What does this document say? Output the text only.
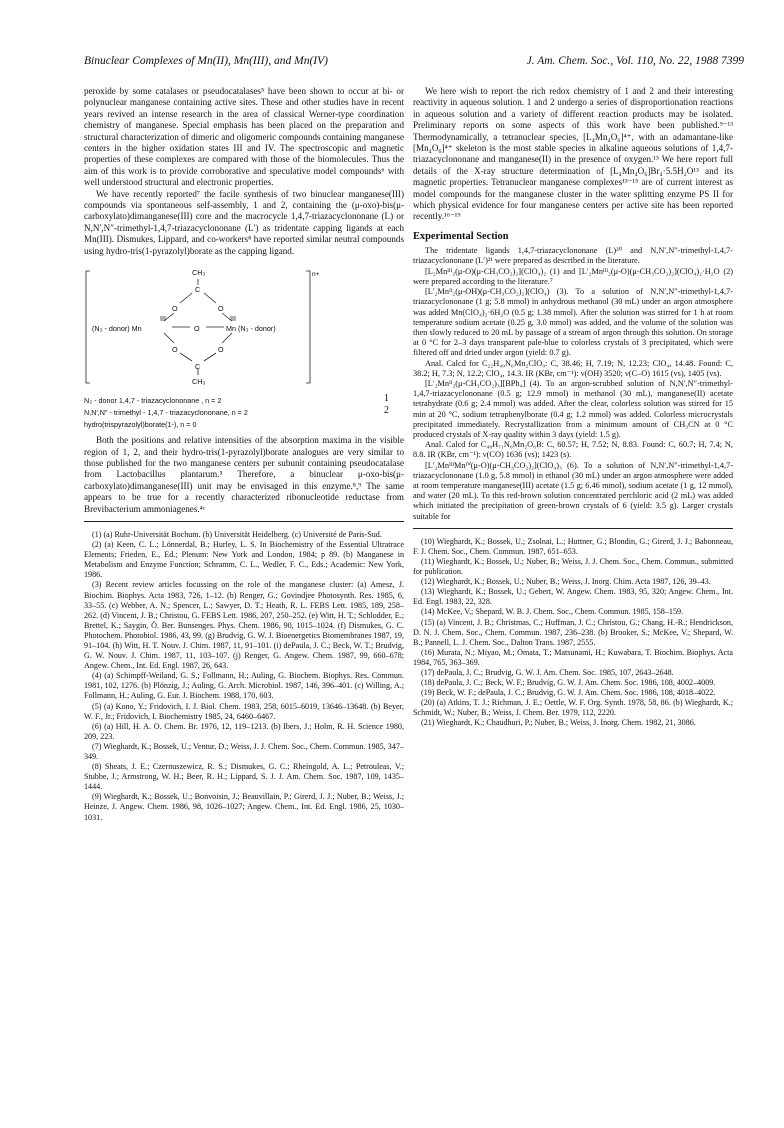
Binuclear Complexes of Mn(II), Mn(III), and Mn(IV)	J. Am. Chem. Soc., Vol. 110, No. 22, 1988 7399

peroxide by some catalases or pseudocatalases⁵ have been shown to occur at bi- or polynuclear manganese containing active sites. These and other studies have in recent years revived an intense research in the area of classical Werner-type coordination chemistry of manganese. Special emphasis has been placed on the preparation and structural characterization of dimeric and oligomeric compounds containing manganese centers in the higher oxidation states III and IV. The spectroscopic and magnetic properties of these complexes are compared with those of the biomolecules. Thus the aim of this work is to provide corroborative and speculative model compounds⁶ with well understood structural and electronic properties.

We have recently reported⁷ the facile synthesis of two binuclear manganese(III) compounds via spontaneous self-assembly, 1 and 2, containing the (μ-oxo)-bis(μ-carboxylato)dimanganese(III) core and the macrocycle 1,4,7-triazacyclononane (L) or N,N′,N″-trimethyl-1,4,7-triazacyclononane (L′) as tridentate capping ligands at each Mn(III). Dismukes, Lippard, and co-workers⁸ have reported similar neutral compounds using hydro-tris(1-pyrazolyl)borate as the capping ligand.

CH₃
C
O	O
III	III
(N₃ - donor) Mn	O	Mn (N₃ - donor)
O	O
C
CH₃
n+
N₃ - donor 1,4,7 - triazacyclononane , n = 2	1
N,N′,N″ - trimethyl - 1,4,7 - triazacyclononane, n = 2	2
hydro(trispyrazolyl)borate(1-), n = 0

Both the positions and relative intensities of the absorption maxima in the visible region of 1, 2, and their hydro-tris(1-pyrazolyl)borate analogues are very similar to those published for the two manganese centers per subunit containing pseudocatalase from Lactobacillus plantarum.⁵ Therefore, a binuclear μ-oxo-bis(μ-carboxylato)dimanganese(III) unit may be envisaged in this enzyme.⁸,⁹ The same appears to be true for a recently characterized ribonucleotide reductase from Brevibacterium ammoniagenes.⁴ᶜ

(1) (a) Ruhr-Universität Bochum. (b) Universität Heidelberg. (c) Université de Paris-Sud.
(2) (a) Keen, C. L.; Lönnerdal, B.; Hurley, L. S. In Biochemistry of the Essential Ultratrace Elements; Frieden, E., Ed.; Plenum: New York and London, 1984; p 89. (b) Manganese in Metabolism and Enzyme Function; Schramm, C. L., Wedler, F. C., Eds.; Academic: New York, 1986.
(3) Recent review articles focussing on the role of the manganese cluster: (a) Amesz, J. Biochim. Biophys. Acta 1983, 726, 1–12. (b) Renger, G.; Govindjee Photosynth. Res. 1985, 6, 33–55. (c) Webber, A. N.; Spencer, L.; Sawyer, D. T.; Heath, R. L. FEBS Lett. 1985, 189, 258–262. (d) Vincent, J. B.; Christou, G. FEBS Lett. 1986, 207, 250–252. (e) Witt, H. T.; Schlodder, E.; Brettel, K.; Saygin, Ö. Ber. Bunsenges. Phys. Chem. 1986, 90, 1015–1024. (f) Dismukes, G. C. Photochem. Photobiol. 1986, 43, 99. (g) Brudvig, G. W. J. Bioenergetics Biomembranes 1987, 19, 91–104. (h) Witt, H. T. Nouv. J. Chim. 1987, 11, 91–101. (i) dePaula, J. C.; Beck, W. T.; Brudvig, G. W. Nouv. J. Chim. 1987, 11, 103–107. (j) Renger, G. Angew. Chem. 1987, 99, 660–678; Angew. Chem., Int. Ed. Engl. 1987, 26, 643.
(4) (a) Schimpff-Weiland, G. S.; Follmann, H.; Auling, G. Biochem. Biophys. Res. Commun. 1981, 102, 1276. (b) Plönzig, J.; Auling, G. Arch. Microbiol. 1987, 146, 396–401. (c) Willing, A.; Follmann, H.; Auling, G. Eur. J. Biochem. 1988, 170, 603.
(5) (a) Kono, Y.; Fridovich, I. J. Biol. Chem. 1983, 258, 6015–6019, 13646–13648. (b) Beyer, W. F., Jr.; Fridovich, I. Biochemistry 1985, 24, 6460–6467.
(6) (a) Hill, H. A. O. Chem. Br. 1976, 12, 119–1213. (b) Ibers, J.; Holm, R. H. Science 1980, 209, 223.
(7) Wieghardt, K.; Bossek, U.; Ventur, D.; Weiss, J. J. Chem. Soc., Chem. Commun. 1985, 347–349.
(8) Sheats, J. E.; Czernuszewicz, R. S.; Dismukes, G. C.; Rheingold, A. L.; Petrouleas, V.; Stubbe, J.; Armstrong, W. H.; Beer, R. H.; Lippard, S. J. J. Am. Chem. Soc. 1987, 109, 1435–1444.
(9) Wieghardt, K.; Bossek, U.; Bonvoisin, J.; Beauvillain, P.; Girerd, J. J.; Nuber, B.; Weiss, J.; Heinze, J. Angew. Chem. 1986, 98, 1026–1027; Angew. Chem., Int. Ed. Engl. 1986, 25, 1030–1031.

We here wish to report the rich redox chemistry of 1 and 2 and their interesting reactivity in aqueous solution. 1 and 2 undergo a series of disproportionation reactions in aqueous solution and a variety of different reaction products may be isolated. Preliminary reports on some aspects of this work have been published.⁹⁻¹³ Thermodynamically, a tetranuclear species, [L₄Mn₄O₆]⁴⁺, with an adamantane-like [Mn₄O₆]⁴⁺ skeleton is the most stable species in alkaline aqueous solutions of 1,4,7-triazacyclononane and manganese(II) in the presence of oxygen.¹³ We here report full details of the X-ray structure determination of [L₄Mn₄O₆]Br₄·5.5H₂O¹³ and its magnetic properties. Tetranuclear manganese complexes¹³⁻¹⁵ are of current interest as model compounds for the manganese cluster in the water splitting enzyme PS II for which physical evidence for four manganese centers per active site has been reported recently.¹⁶⁻¹⁹

Experimental Section

The tridentate ligands 1,4,7-triazacyclononane (L)²⁰ and N,N′,N″-trimethyl-1,4,7-triazacyclononane (L′)²¹ were prepared as described in the literature.

[L₂Mnᴵᴵᴵ₂(μ-O)(μ-CH₃CO₂)₂](ClO₄)₂ (1) and [L′₂Mnᴵᴵᴵ₂(μ-O)(μ-CH₃CO₂)₂](ClO₄)₂·H₂O (2) were prepared according to the literature.⁷

[L′₂Mnᴵᴵ₂(μ-OH)(μ-CH₃CO₂)₂](ClO₄) (3). To a solution of N,N′,N″-trimethyl-1,4,7-triazacyclononane (1 g; 5.8 mmol) in anhydrous methanol (30 mL) under an argon atmosphere was added Mn(ClO₄)₂·6H₂O (0.5 g; 1.38 mmol). After the solution was stirred for 1 h at room temperature sodium acetate (0.25 g, 3.0 mmol) was added, and the volume of the solution was then slowly reduced to 20 mL by passage of a stream of argon through this solution. On storage at 0 °C for 2–3 days transparent pale-blue to colorless crystals of 3 precipitated, which were filtered off and dried under argon (yield: 0.7 g).

Anal. Calcd for C₂₂H₄₉N₆Mn₂ClO₉: C, 38.46; H, 7.19; N, 12.23; ClO₄, 14.48. Found: C, 38.2; H, 7.3; N, 12.2; ClO₄, 14.3. IR (KBr, cm⁻¹): ν(OH) 3520; ν(C–O) 1615 (vs), 1405 (vs).

[L′₂Mnᴵᴵ₂(μ-CH₃CO₂)₃][BPh₄] (4). To an argon-scrubbed solution of N,N′,N″-trimethyl-1,4,7-triazacyclononane (0.5 g; 12.9 mmol) in methanol (30 mL), manganese(II) acetate tetrahydrate (0.6 g; 2.4 mmol) was added. After the clear, colorless solution was stirred for 15 min at 20 °C, sodium tetraphenylborate (0.4 g; 1.2 mmol) was added. Colorless microcrystals precipitated immediately. Recrystallization from a minimum amount of CH₃CN at 0 °C produced crystals of X-ray quality within 3 days (yield: 1.5 g).

Anal. Calcd for C₄₈H₇₁N₆Mn₂O₆B: C, 60.57; H, 7.52; N, 8.83. Found: C, 60.7; H, 7.4; N, 8.8. IR (KBr, cm⁻¹): ν(CO) 1636 (vs); 1423 (s).

[L′₂MnᴵᴵᴵMnᴵⱽ(μ-O)(μ-CH₃CO₂)₂](ClO₄)₃ (6). To a solution of N,N′,N″-trimethyl-1,4,7-triazacyclononane (1.0 g, 5.8 mmol) in ethanol (30 mL) under an argon atmosphere were added at room temperature manganese(III) acetate (1.5 g; 6.46 mmol), sodium acetate (1 g, 12 mmol), and water (20 mL). To this red-brown solution concentrated perchloric acid (2 mL) was added which initiated the precipitation of green-brown crystals of 6 (yield: 3.5 g). Larger crystals suitable for

(10) Wieghardt, K.; Bossek, U.; Zsolnai, L.; Huttner, G.; Blondin, G.; Girerd, J. J.; Babonneau, F. J. Chem. Soc., Chem. Commun. 1987, 651–653.
(11) Wieghardt, K.; Bossek, U.; Nuber, B.; Weiss, J. J. Chem. Soc., Chem. Commun., submitted for publication.
(12) Wieghardt, K.; Bossek, U.; Nuber, B.; Weiss, J. Inorg. Chim. Acta 1987, 126, 39–43.
(13) Wieghardt, K.; Bossek, U.; Gebert, W. Angew. Chem. 1983, 95, 320; Angew. Chem., Int. Ed. Engl. 1983, 22, 328.
(14) McKee, V.; Shepard, W. B. J. Chem. Soc., Chem. Commun. 1985, 158–159.
(15) (a) Vincent, J. B.; Christmas, C.; Huffman, J. C.; Christou, G.; Chang, H.-R.; Hendrickson, D. N. J. Chem. Soc., Chem. Commun. 1987, 236–238. (b) Brooker, S.; McKee, V.; Shepard, W. B.; Pannell, L. J. Chem. Soc., Dalton Trans. 1987, 2555.
(16) Murata, N.; Miyao, M.; Omata, T.; Matsunami, H.; Kuwabara, T. Biochim. Biophys. Acta 1984, 765, 363–369.
(17) dePaula, J. C.; Brudvig, G. W. J. Am. Chem. Soc. 1985, 107, 2643–2648.
(18) dePaula, J. C.; Beck, W. F.; Brudvig, G. W. J. Am. Chem. Soc. 1986, 108, 4002–4009.
(19) Beck, W. F.; dePaula, J. C.; Brudvig, G. W. J. Am. Chem. Soc. 1986, 108, 4018–4022.
(20) (a) Atkins, T. J.; Richman, J. E.; Oettle, W. F. Org. Synth. 1978, 58, 86. (b) Wieghardt, K.; Schmidt, W.; Nuber, B.; Weiss, J. Chem. Ber. 1979, 112, 2220.
(21) Wieghardt, K.; Chaudhuri, P.; Nuber, B.; Weiss, J. Inorg. Chem. 1982, 21, 3086.
